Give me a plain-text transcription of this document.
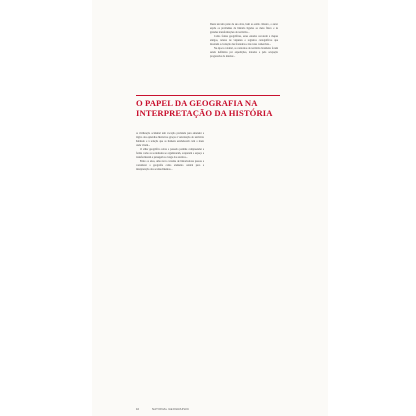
O PAPEL DA GEOGRAFIA NA INTERPRETAÇÃO DA HISTÓRIA

A civilização ocidental tem vocação profunda para entender a lógica dos episódios históricos graças à valorização do território habitado e à relação que os homens estabelecem com o meio onde vivem...

O olhar geográfico sobre o passado permite compreender a forma como as sociedades se organizaram, ocuparam o espaço e transformaram a paisagem ao longo dos séculos...

Entre os anos, uma nova corrente de historiadores passou a considerar a geografia como elemento central para a interpretação dos acontecimentos...

Desta terceira parte de sua obra, bem ao estilo clássico, o autor expõe os problemas da história ligados ao meio físico e às grandes transformações do território...

Como fontes geográficas, estes estudos recorrem a mapas antigos, relatos de viajantes e registros cartográficos que mostram a evolução das fronteiras e das rotas comerciais...

Na época colonial, os contornos do território brasileiro foram sendo definidos por expedições, tratados e pela ocupação progressiva do interior...

10	NATIONAL GEOGRAPHIC
